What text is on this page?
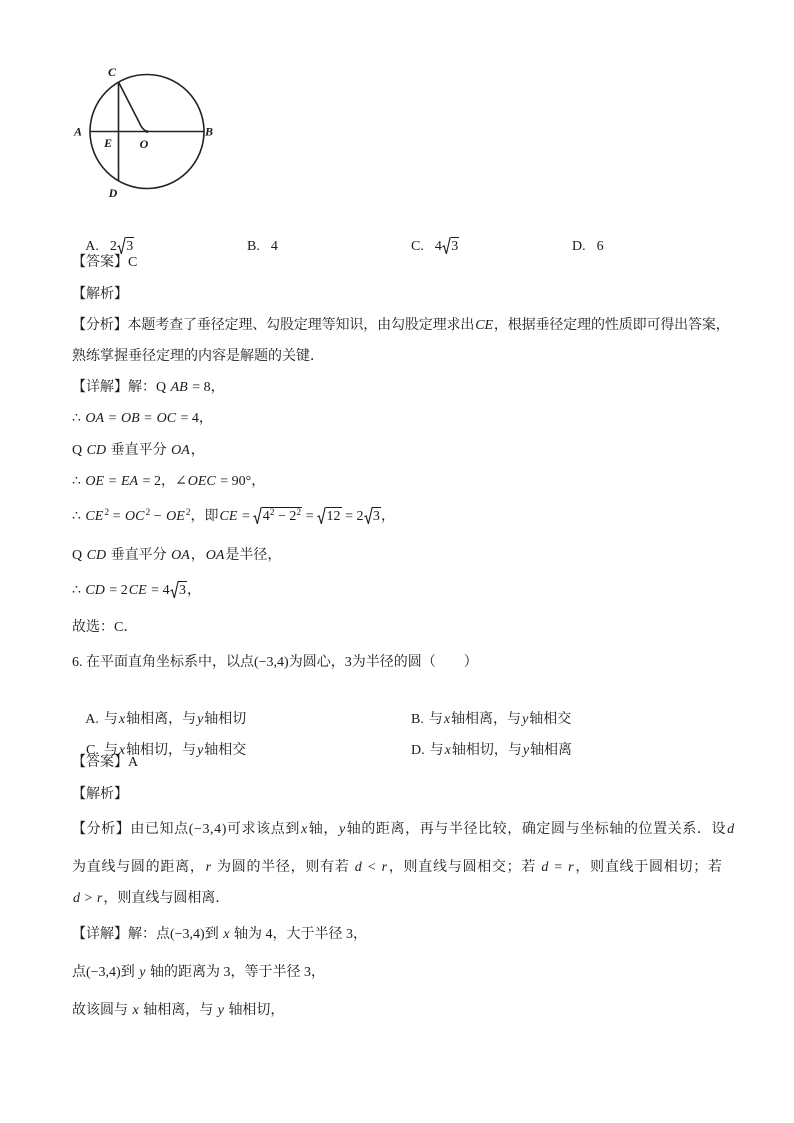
C
A
E O
B
D

A. 2 3
	B. 4
	C. 4 3
	D. 6

【答案】C
【解析】
【分析】本题考查了垂径定理、勾股定理等知识，由勾股定理求出CE，根据垂径定理的性质即可得出答案，
熟练掌握垂径定理的内容是解题的关键．
【详解】解：Q AB = 8，
∴ OA = OB = OC = 4，
Q CD 垂直平分 OA，
∴ OE = EA = 2，∠OEC = 90°，
∴ $CE^2 = OC^2 - OE^2$，即CE =
$4^2 - 2^2$ =
12 = 2 3，
Q CD 垂直平分 OA，OA是半径，
∴ CD = 2CE = 4 3，
故选：C．
6. 在平面直角坐标系中，以点(−3,4)为圆心，3为半径的圆（　　）

A. 与x轴相离，与y轴相切
	B. 与x轴相离，与y轴相交

C. 与x轴相切，与y轴相交
	D. 与x轴相切，与y轴相离

【答案】A
【解析】
【分析】由已知点(−3,4)可求该点到x轴，y轴的距离，再与半径比较，确定圆与坐标轴的位置关系．设d
为直线与圆的距离，r 为圆的半径，则有若 d < r，则直线与圆相交；若 d = r，则直线于圆相切；若
d > r，则直线与圆相离．
【详解】解：点(−3,4)到 x 轴为 4，大于半径 3，
点(−3,4)到 y 轴的距离为 3，等于半径 3，
故该圆与 x 轴相离，与 y 轴相切，
